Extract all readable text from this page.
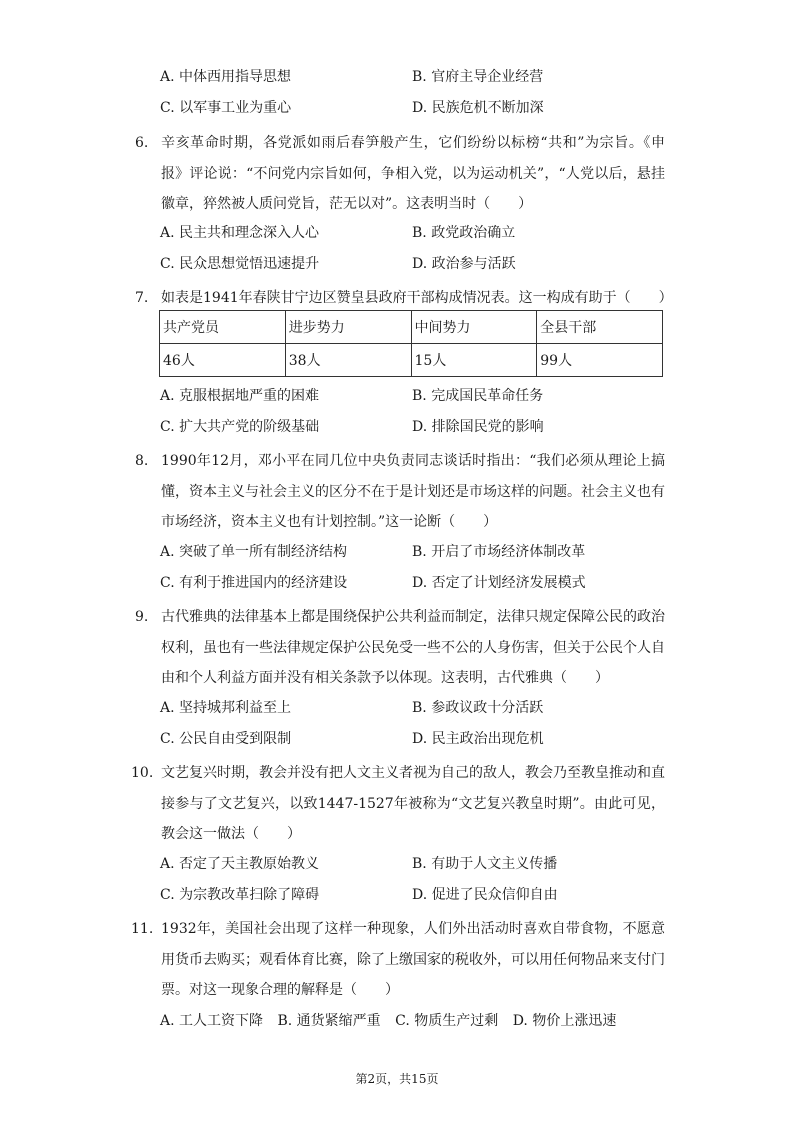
A. 中体西用指导思想	B. 官府主导企业经营
C. 以军事工业为重心	D. 民族危机不断加深
6. 辛亥革命时期，各党派如雨后春笋般产生，它们纷纷以标榜“共和”为宗旨。《申报》评论说：“不问党内宗旨如何，争相入党，以为运动机关”，“人党以后，悬挂徽章，猝然被人质问党旨，茫无以对”。这表明当时（　　）
A. 民主共和理念深入人心	B. 政党政治确立
C. 民众思想觉悟迅速提升	D. 政治参与活跃
7. 如表是1941年春陕甘宁边区赞皇县政府干部构成情况表。这一构成有助于（　　）
共产党员	进步势力	中间势力	全县干部
46人	38人	15人	99人
A. 克服根据地严重的困难	B. 完成国民革命任务
C. 扩大共产党的阶级基础	D. 排除国民党的影响
8. 1990年12月，邓小平在同几位中央负责同志谈话时指出：“我们必须从理论上搞懂，资本主义与社会主义的区分不在于是计划还是市场这样的问题。社会主义也有市场经济，资本主义也有计划控制。”这一论断（　　）
A. 突破了单一所有制经济结构	B. 开启了市场经济体制改革
C. 有利于推进国内的经济建设	D. 否定了计划经济发展模式
9. 古代雅典的法律基本上都是围绕保护公共利益而制定，法律只规定保障公民的政治权利，虽也有一些法律规定保护公民免受一些不公的人身伤害，但关于公民个人自由和个人利益方面并没有相关条款予以体现。这表明，古代雅典（　　）
A. 坚持城邦利益至上	B. 参政议政十分活跃
C. 公民自由受到限制	D. 民主政治出现危机
10. 文艺复兴时期，教会并没有把人文主义者视为自己的敌人，教会乃至教皇推动和直接参与了文艺复兴，以致1447-1527年被称为“文艺复兴教皇时期”。由此可见，教会这一做法（　　）
A. 否定了天主教原始教义	B. 有助于人文主义传播
C. 为宗教改革扫除了障碍	D. 促进了民众信仰自由
11. 1932年，美国社会出现了这样一种现象，人们外出活动时喜欢自带食物，不愿意用货币去购买；观看体育比赛，除了上缴国家的税收外，可以用任何物品来支付门票。对这一现象合理的解释是（　　）
A. 工人工资下降 B. 通货紧缩严重 C. 物质生产过剩 D. 物价上涨迅速
第2页，共15页
